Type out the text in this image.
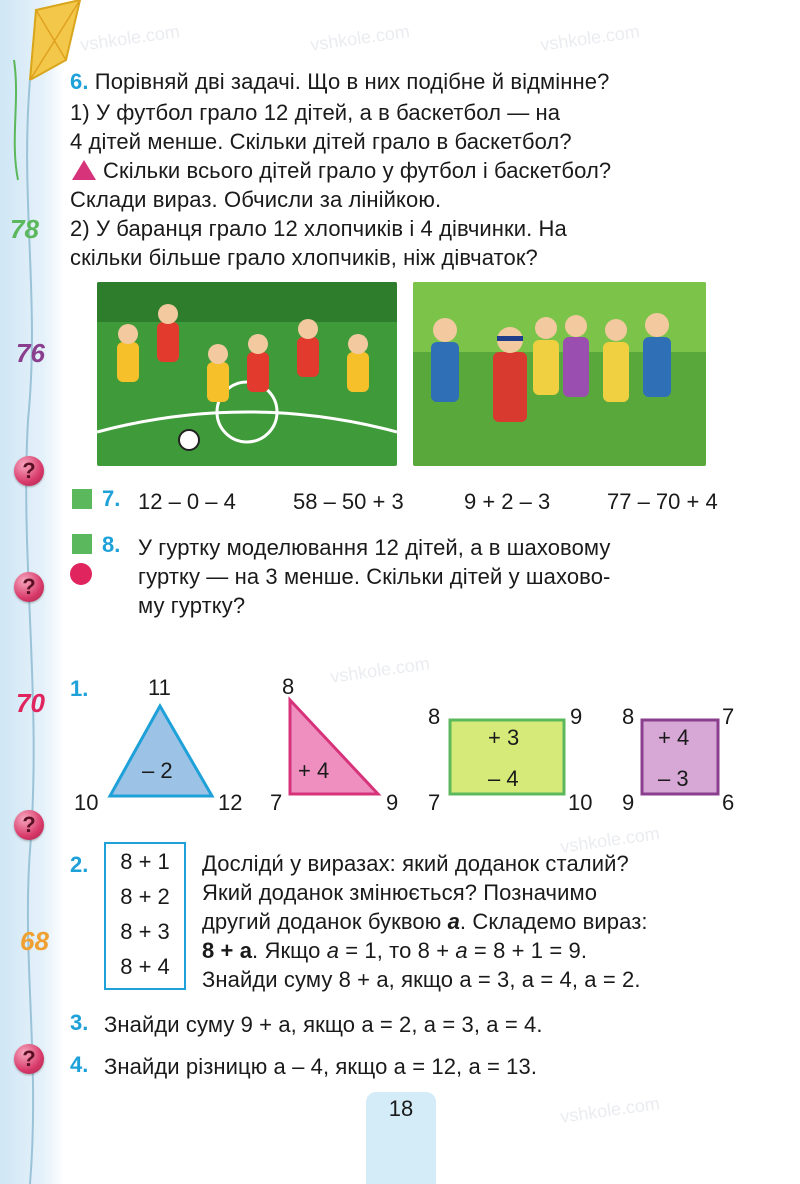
78
76
70
68
?
?
?
?
vshkole.com	vshkole.com	vshkole.com
vshkole.com
vshkole.com
vshkole.com
6. Порівняй дві задачі. Що в них подібне й відмінне?
1) У футбол грало 12 дітей, а в баскетбол — на
4 дітей менше. Скільки дітей грало в баскетбол?
Скільки всього дітей грало у футбол і баскетбол?
Склади вираз. Обчисли за лінійкою.
2) У баранця грало 12 хлопчиків і 4 дівчинки. На
скільки більше грало хлопчиків, ніж дівчаток?
7. 12 – 0 – 4	58 – 50 + 3	9 + 2 – 3	77 – 70 + 4
8. У гуртку моделювання 12 дітей, а в шаховому
гуртку — на 3 менше. Скільки дітей у шахово-
му гуртку?
1.	11
10	12
– 2
8
7	9
+ 4
8	9
7	10
+ 3
– 4
8	7
9	6
+ 4
– 3
2.	8 + 1
8 + 2
8 + 3
8 + 4
Досліди́ у виразах: який доданок сталий?
Який доданок змінюється? Позначимо
другий доданок буквою a. Складемо вираз:
8 + a. Якщо a = 1, то 8 + a = 8 + 1 = 9.
Знайди суму 8 + a, якщо a = 3, a = 4, a = 2.
3. Знайди суму 9 + a, якщо a = 2, a = 3, a = 4.
4. Знайди різницю a – 4, якщо a = 12, a = 13.
18
